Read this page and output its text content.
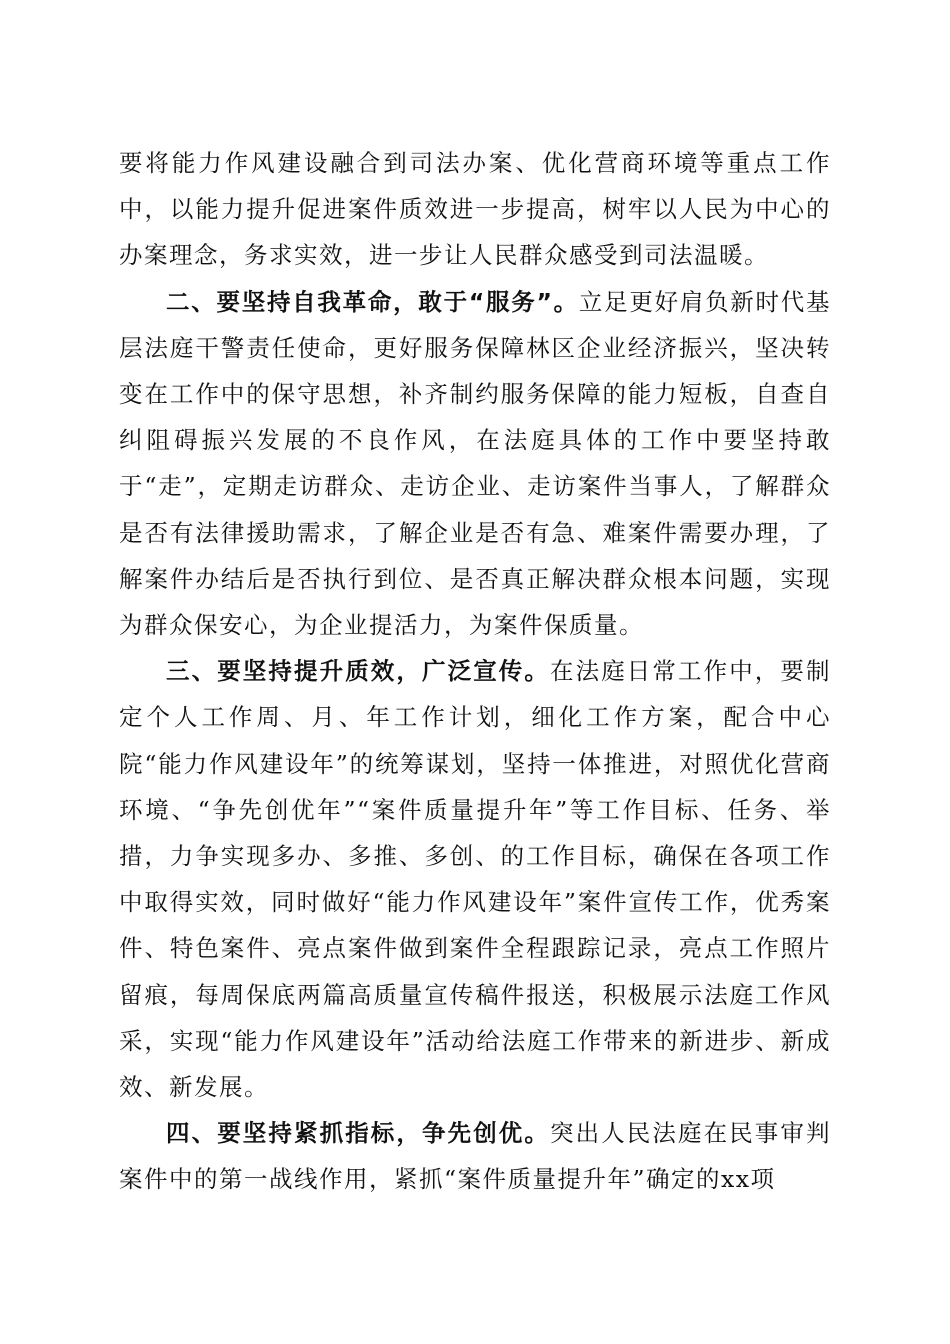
要将能力作风建设融合到司法办案、优化营商环境等重点工作中，以能力提升促进案件质效进一步提高，树牢以人民为中心的办案理念，务求实效，进一步让人民群众感受到司法温暖。

二、要坚持自我革命，敢于“服务”。立足更好肩负新时代基层法庭干警责任使命，更好服务保障林区企业经济振兴，坚决转变在工作中的保守思想，补齐制约服务保障的能力短板，自查自纠阻碍振兴发展的不良作风，在法庭具体的工作中要坚持敢于“走”，定期走访群众、走访企业、走访案件当事人，了解群众是否有法律援助需求，了解企业是否有急、难案件需要办理，了解案件办结后是否执行到位、是否真正解决群众根本问题，实现为群众保安心，为企业提活力，为案件保质量。

三、要坚持提升质效，广泛宣传。在法庭日常工作中，要制定个人工作周、月、年工作计划，细化工作方案，配合中心院“能力作风建设年”的统筹谋划，坚持一体推进，对照优化营商环境、“争先创优年”“案件质量提升年”等工作目标、任务、举措，力争实现多办、多推、多创、的工作目标，确保在各项工作中取得实效，同时做好“能力作风建设年”案件宣传工作，优秀案件、特色案件、亮点案件做到案件全程跟踪记录，亮点工作照片留痕，每周保底两篇高质量宣传稿件报送，积极展示法庭工作风采，实现“能力作风建设年”活动给法庭工作带来的新进步、新成效、新发展。

四、要坚持紧抓指标，争先创优。突出人民法庭在民事审判案件中的第一战线作用，紧抓“案件质量提升年”确定的xx项
